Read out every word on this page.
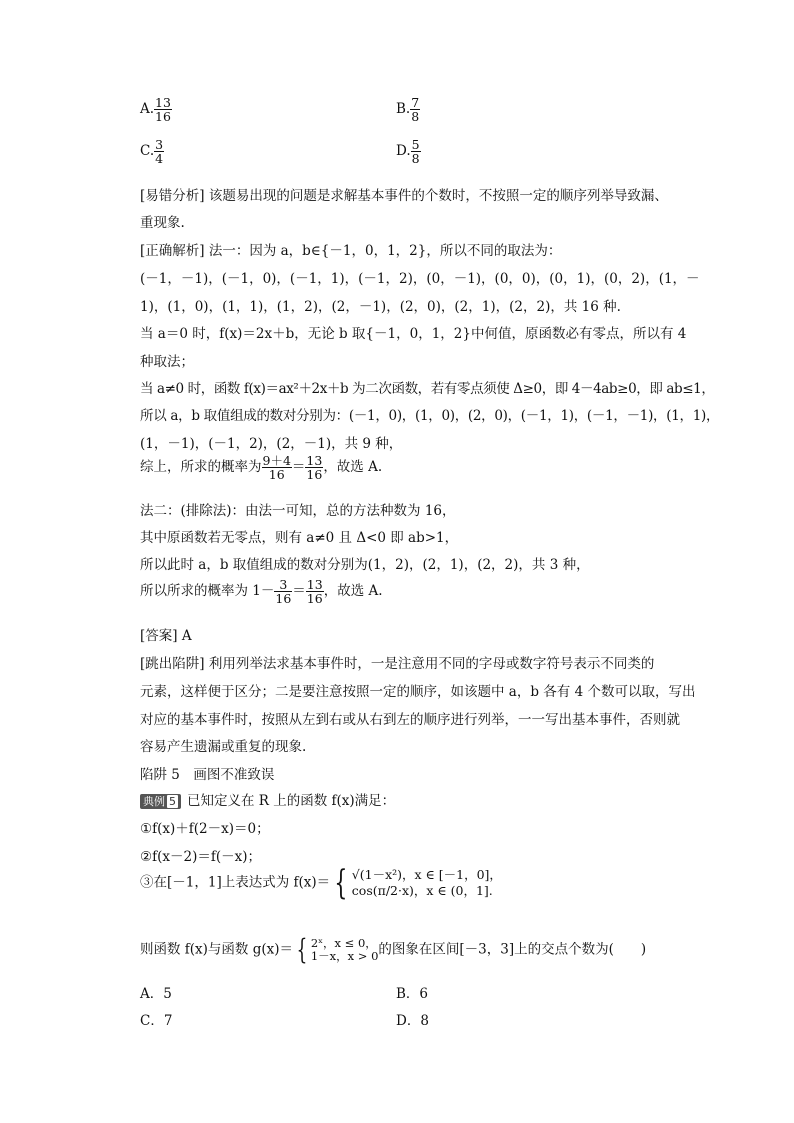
A. $\frac{13}{16}$	B. $\frac{7}{8}$
C. $\frac{3}{4}$	D. $\frac{5}{8}$
[易错分析] 该题易出现的问题是求解基本事件的个数时，不按照一定的顺序列举导致漏、
重现象.
[正确解析] 法一：因为 a，b∈{－1，0，1，2}，所以不同的取法为：
(－1，－1)，(－1，0)，(－1，1)，(－1，2)，(0，－1)，(0，0)，(0，1)，(0，2)，(1，－
1)，(1，0)，(1，1)，(1，2)，(2，－1)，(2，0)，(2，1)，(2，2)，共 16 种.
当 a＝0 时，f(x)＝2x＋b，无论 b 取{－1，0，1，2}中何值，原函数必有零点，所以有 4
种取法；
当 a≠0 时，函数 f(x)＝ax²＋2x＋b 为二次函数，若有零点须使 Δ≥0，即 4－4ab≥0，即 ab≤1，
所以 a，b 取值组成的数对分别为：(－1，0)，(1，0)，(2，0)，(－1，1)，(－1，－1)，(1，1)，
(1，－1)，(－1，2)，(2，－1)，共 9 种，
综上，所求的概率为 $\frac{9+4}{16} = \frac{13}{16}$ ，故选 A.
法二：(排除法)：由法一可知，总的方法种数为 16，
其中原函数若无零点，则有 a≠0 且 Δ<0 即 ab>1，
所以此时 a，b 取值组成的数对分别为(1，2)，(2，1)，(2，2)，共 3 种，
所以所求的概率为 $1- \frac{3}{16} = \frac{13}{16}$ ，故选 A.
[答案] A
[跳出陷阱] 利用列举法求基本事件时，一是注意用不同的字母或数字符号表示不同类的
元素，这样便于区分；二是要注意按照一定的顺序，如该题中 a，b 各有 4 个数可以取，写出
对应的基本事件时，按照从左到右或从右到左的顺序进行列举，一一写出基本事件，否则就
容易产生遗漏或重复的现象.
陷阱 5　画图不准致误
典例 5 已知定义在 R 上的函数 f(x)满足：
①f(x)＋f(2－x)＝0；
②f(x－2)＝f(－x)；
③在[－1，1]上表达式为 f(x)＝ { √(1－x²)，x ∈ [－1，0]，
cos(π/2·x)，x ∈ (0，1].
则函数 f(x)与函数 g(x)＝ { 2ˣ，x ≤ 0，
1－x，x > 0 的图象在区间[－3，3]上的交点个数为(　　)
A．5	B．6
C．7	D．8
